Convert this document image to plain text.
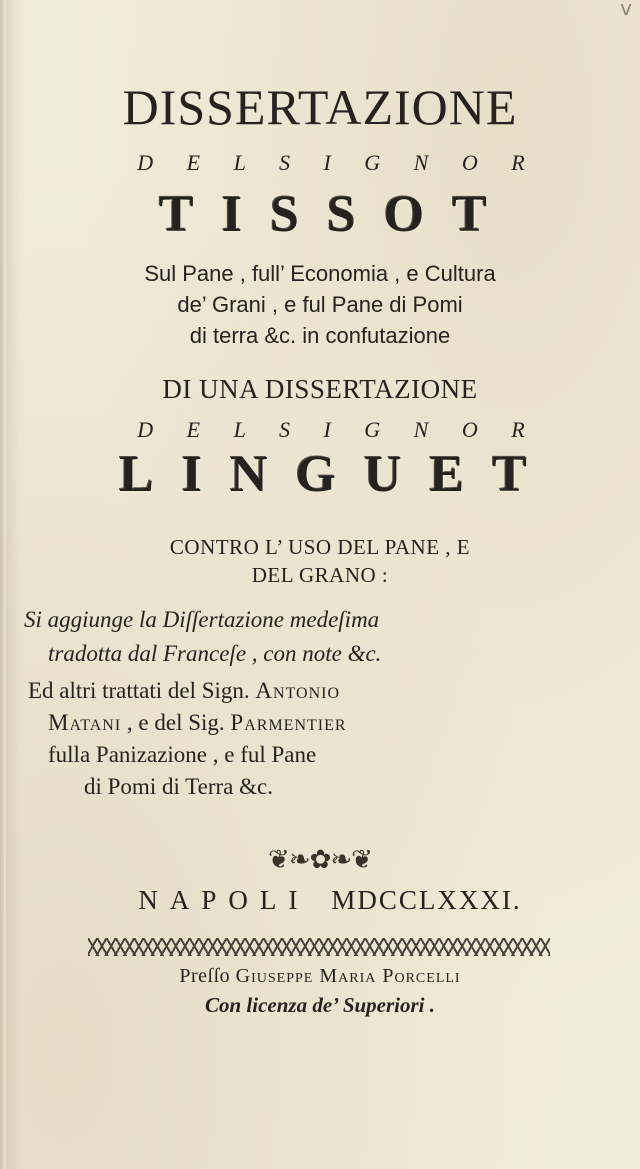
v
DISSERTAZIONE
D E L S I G N O R
TISSOT
Sul Pane , full’ Economia , e Cultura
de’ Grani , e ful Pane di Pomi
di terra &c. in confutazione
DI UNA DISSERTAZIONE
D E L S I G N O R
LINGUET
CONTRO L’ USO DEL PANE , E
DEL GRANO :
Si aggiunge la Diſſertazione medeſima
tradotta dal Franceſe , con note &c.
Ed altri trattati del Sign. Antonio
Matani , e del Sig. Parmentier
fulla Panizazione , e ful Pane
di Pomi di Terra &c.
❦❧✿❧❦
NAPOLI MDCCLXXXI.
Preſſo Giuseppe Maria Porcelli
Con licenza de’ Superiori .
